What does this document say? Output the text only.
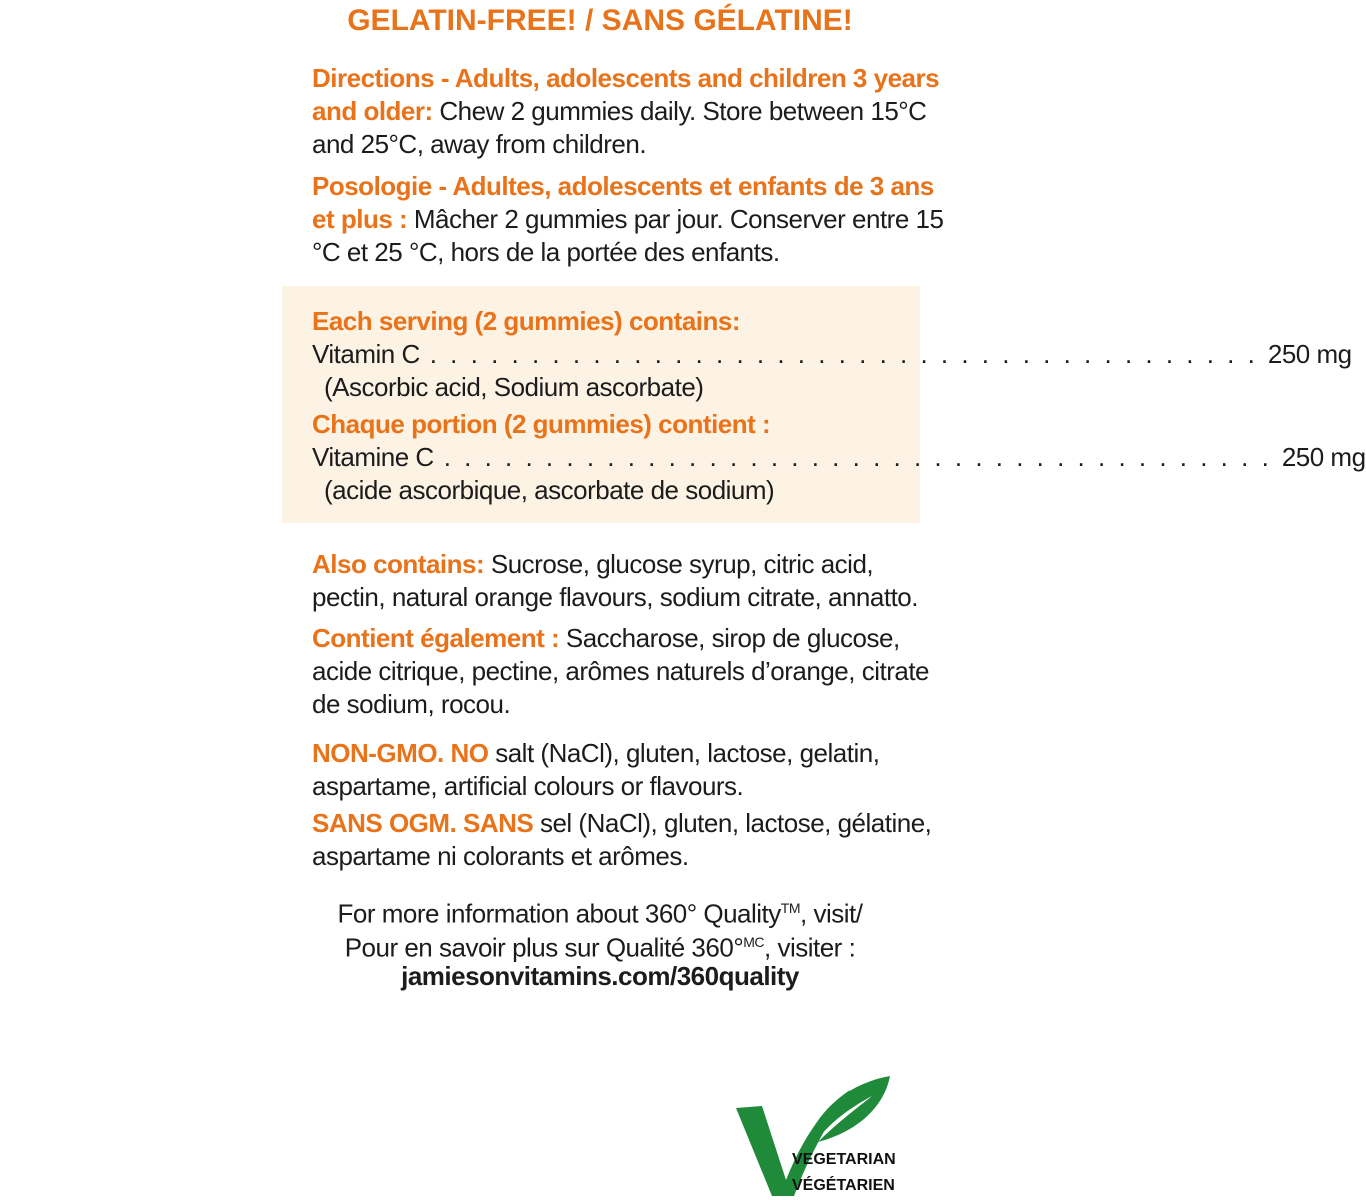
GELATIN-FREE! / SANS GÉLATINE!
Directions - Adults, adolescents and children 3 years and older: Chew 2 gummies daily. Store between 15°C and 25°C, away from children.
Posologie - Adultes, adolescents et enfants de 3 ans et plus : Mâcher 2 gummies par jour. Conserver entre 15 °C et 25 °C, hors de la portée des enfants.
Each serving (2 gummies) contains:
Vitamin C . . . . . . . . . . . . . . . . . . . . . . . . . . . . . . . . . . . . . . . . . 250 mg
(Ascorbic acid, Sodium ascorbate)
Chaque portion (2 gummies) contient :
Vitamine C . . . . . . . . . . . . . . . . . . . . . . . . . . . . . . . . . . . . . . . . . 250 mg
(acide ascorbique, ascorbate de sodium)
Also contains: Sucrose, glucose syrup, citric acid, pectin, natural orange flavours, sodium citrate, annatto.
Contient également : Saccharose, sirop de glucose, acide citrique, pectine, arômes naturels d’orange, citrate de sodium, rocou.
NON-GMO. NO salt (NaCl), gluten, lactose, gelatin, aspartame, artificial colours or flavours.
SANS OGM. SANS sel (NaCl), gluten, lactose, gélatine, aspartame ni colorants et arômes.
For more information about 360° Quality™, visit/
Pour en savoir plus sur Qualité 360°$^{MC}$, visiter :
jamiesonvitamins.com/360quality
VEGETARIAN
VÉGÉTARIEN
